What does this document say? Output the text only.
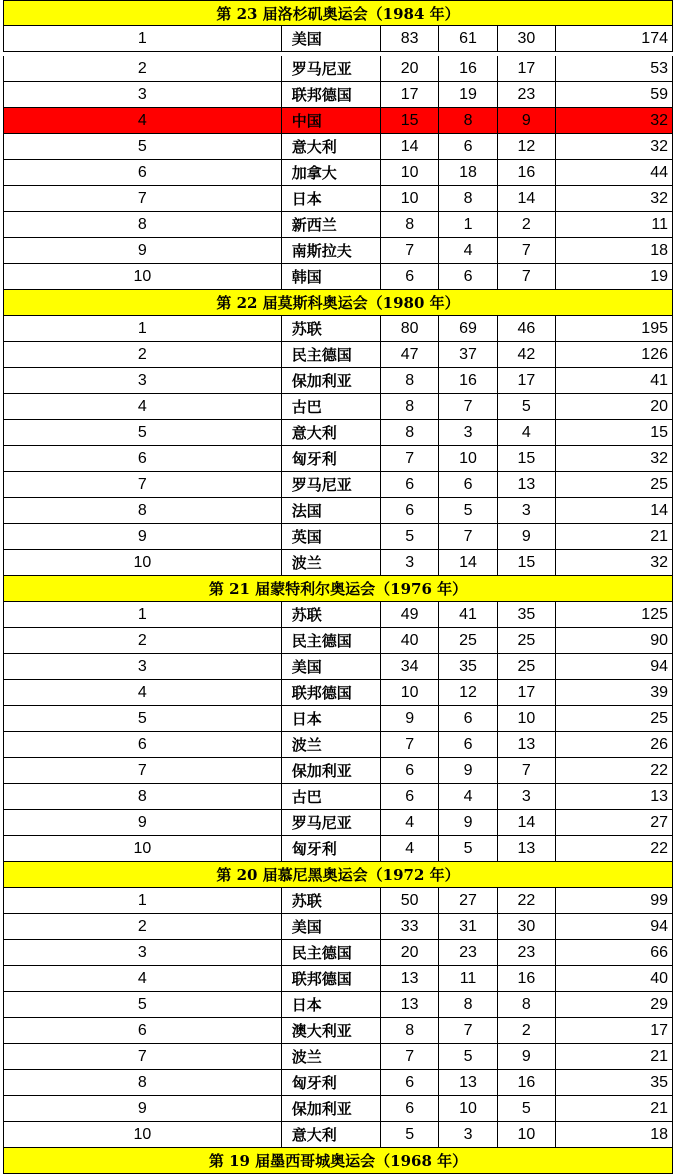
第 23 届洛杉矶奥运会（1984 年）
1	美国	83	61	30	174
2	罗马尼亚	20	16	17	53
3	联邦德国	17	19	23	59
4	中国	15	8	9	32
5	意大利	14	6	12	32
6	加拿大	10	18	16	44
7	日本	10	8	14	32
8	新西兰	8	1	2	11
9	南斯拉夫	7	4	7	18
10	韩国	6	6	7	19
第 22 届莫斯科奥运会（1980 年）
1	苏联	80	69	46	195
2	民主德国	47	37	42	126
3	保加利亚	8	16	17	41
4	古巴	8	7	5	20
5	意大利	8	3	4	15
6	匈牙利	7	10	15	32
7	罗马尼亚	6	6	13	25
8	法国	6	5	3	14
9	英国	5	7	9	21
10	波兰	3	14	15	32
第 21 届蒙特利尔奥运会（1976 年）
1	苏联	49	41	35	125
2	民主德国	40	25	25	90
3	美国	34	35	25	94
4	联邦德国	10	12	17	39
5	日本	9	6	10	25
6	波兰	7	6	13	26
7	保加利亚	6	9	7	22
8	古巴	6	4	3	13
9	罗马尼亚	4	9	14	27
10	匈牙利	4	5	13	22
第 20 届慕尼黑奥运会（1972 年）
1	苏联	50	27	22	99
2	美国	33	31	30	94
3	民主德国	20	23	23	66
4	联邦德国	13	11	16	40
5	日本	13	8	8	29
6	澳大利亚	8	7	2	17
7	波兰	7	5	9	21
8	匈牙利	6	13	16	35
9	保加利亚	6	10	5	21
10	意大利	5	3	10	18
第 19 届墨西哥城奥运会（1968 年）
